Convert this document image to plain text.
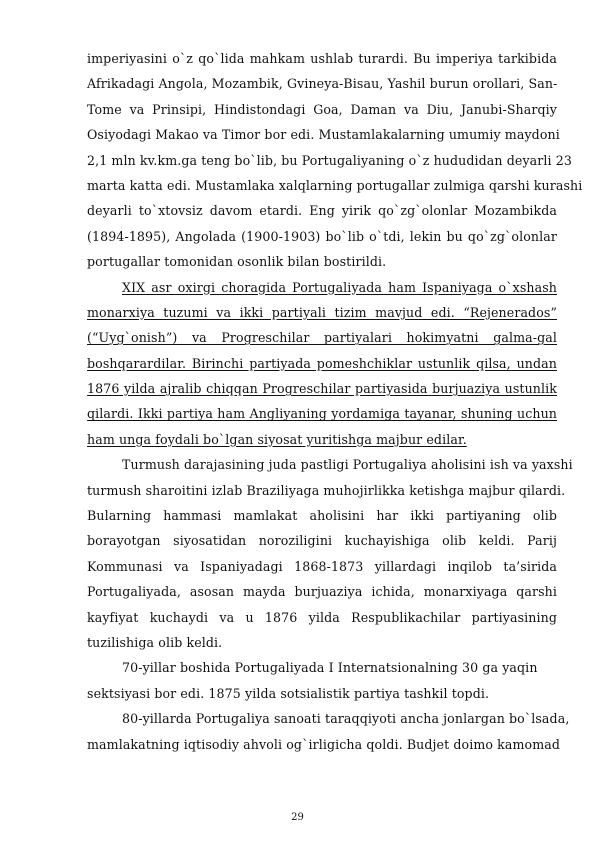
imperiyasini o`z qo`lida mahkam ushlab turardi. Bu imperiya tarkibida
Afrikadagi Angola, Mozambik, Gvineya-Bisau, Yashil burun orollari, San-
Tome va Prinsipi, Hindistondagi Goa, Daman va Diu, Janubi-Sharqiy
Osiyodagi Makao va Timor bor edi. Mustamlakalarning umumiy maydoni
2,1 mln kv.km.ga teng bo`lib, bu Portugaliyaning o`z hududidan deyarli 23
marta katta edi. Mustamlaka xalqlarning portugallar zulmiga qarshi kurashi
deyarli to`xtovsiz davom etardi. Eng yirik qo`zg`olonlar Mozambikda
(1894-1895), Angolada (1900-1903) bo`lib o`tdi, lekin bu qo`zg`olonlar
portugallar tomonidan osonlik bilan bostirildi.
XIX asr oxirgi choragida Portugaliyada ham Ispaniyaga o`xshash
monarxiya tuzumi va ikki partiyali tizim mavjud edi. “Rejenerados”
(“Uyg`onish”) va Progreschilar partiyalari hokimyatni galma-gal
boshqarardilar. Birinchi partiyada pomeshchiklar ustunlik qilsa, undan
1876 yilda ajralib chiqqan Progreschilar partiyasida burjuaziya ustunlik
qilardi. Ikki partiya ham Angliyaning yordamiga tayanar, shuning uchun
ham unga foydali bo`lgan siyosat yuritishga majbur edilar.
Turmush darajasining juda pastligi Portugaliya aholisini ish va yaxshi
turmush sharoitini izlab Braziliyaga muhojirlikka ketishga majbur qilardi.
Bularning hammasi mamlakat aholisini har ikki partiyaning olib
borayotgan siyosatidan noroziligini kuchayishiga olib keldi. Parij
Kommunasi va Ispaniyadagi 1868-1873 yillardagi inqilob ta’sirida
Portugaliyada, asosan mayda burjuaziya ichida, monarxiyaga qarshi
kayfiyat kuchaydi va u 1876 yilda Respublikachilar partiyasining
tuzilishiga olib keldi.
70-yillar boshida Portugaliyada I Internatsionalning 30 ga yaqin
sektsiyasi bor edi. 1875 yilda sotsialistik partiya tashkil topdi.
80-yillarda Portugaliya sanoati taraqqiyoti ancha jonlargan bo`lsada,
mamlakatning iqtisodiy ahvoli og`irligicha qoldi. Budjet doimo kamomad
29
